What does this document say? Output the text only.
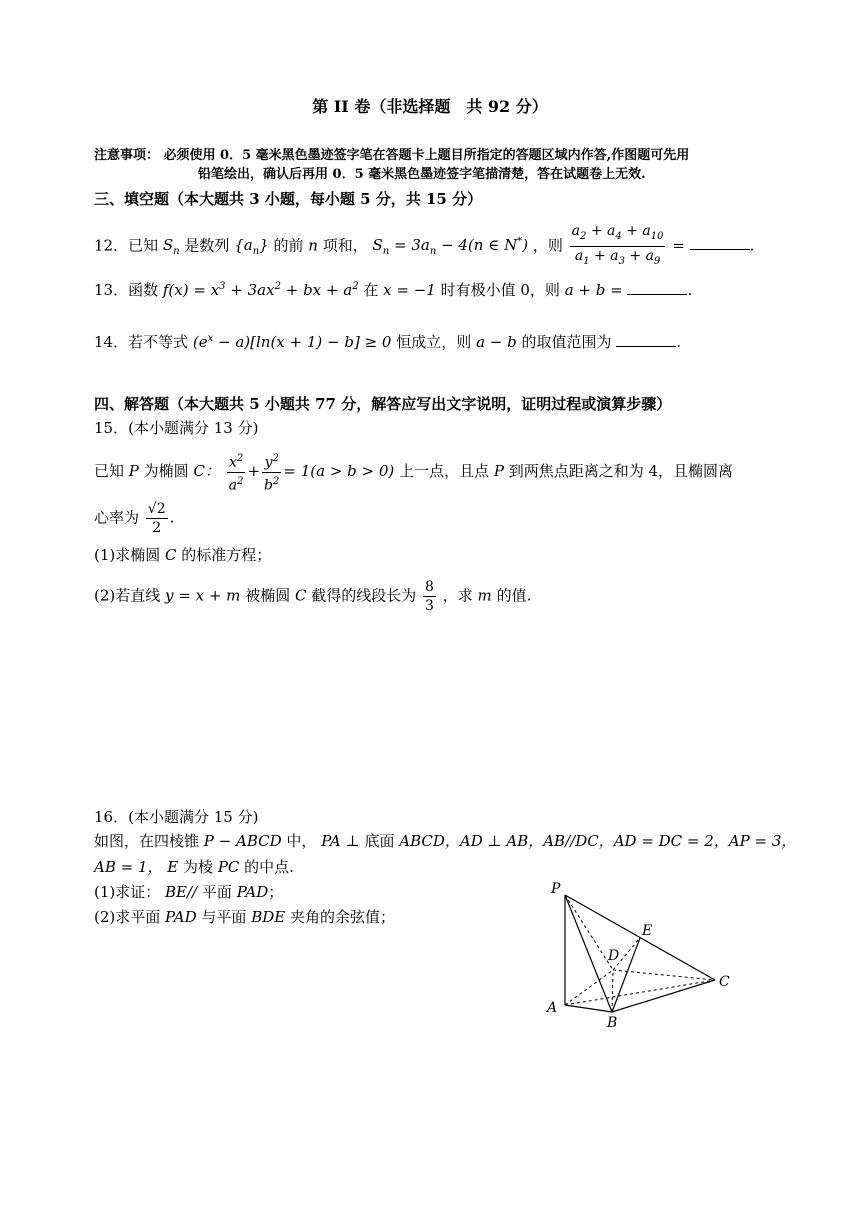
第 II 卷（非选择题　共 92 分）
注意事项： 必须使用 0．5 毫米黑色墨迹签字笔在答题卡上题目所指定的答题区域内作答,作图题可先用
铅笔绘出，确认后再用 0．5 毫米黑色墨迹签字笔描清楚，答在试题卷上无效.
三、填空题（本大题共 3 小题，每小题 5 分，共 15 分）
12．已知 $S_n$ 是数列 $\{a_n\}$ 的前 n 项和， $S_n = 3a_n - 4(n$ ∈ N*) ，则 $\frac{a_2 + a_4 + a_{10}}{a_1 + a_3 + a_9}$ =	.
13．函数 $f(x) = x^3 + 3ax^2$ + bx + $a^2$ 在 x = −1 时有极小值 0，则 a + b =	.
14．若不等式 $(e^x - a)[\ln(x + 1) - b] \ge 0$ 恒成立，则 a − b 的取值范围为	.
四、解答题（本大题共 5 小题共 77 分，解答应写出文字说明，证明过程或演算步骤）
15．(本小题满分 13 分)
已知 P 为椭圆 C： $\frac{x^2}{a^2} + \frac{y^2}{b^2} = 1(a > b > 0)$ 上一点，且点 P 到两焦点距离之和为 4，且椭圆离
心率为 $\frac{√2}{2}$ .
(1)求椭圆 C 的标准方程；
(2)若直线 y = x + m 被椭圆 C 截得的线段长为 $\frac{8}{3}$ ，求 m 的值.
16．(本小题满分 15 分)
如图，在四棱锥 P − ABCD 中， PA ⊥ 底面 ABCD，AD ⊥ AB，AB//DC，AD = DC = 2，AP = 3，
AB = 1， E 为棱 PC 的中点.
(1)求证： BE// 平面 PAD；
(2)求平面 PAD 与平面 BDE 夹角的余弦值；
P
A
B
C
D
E
